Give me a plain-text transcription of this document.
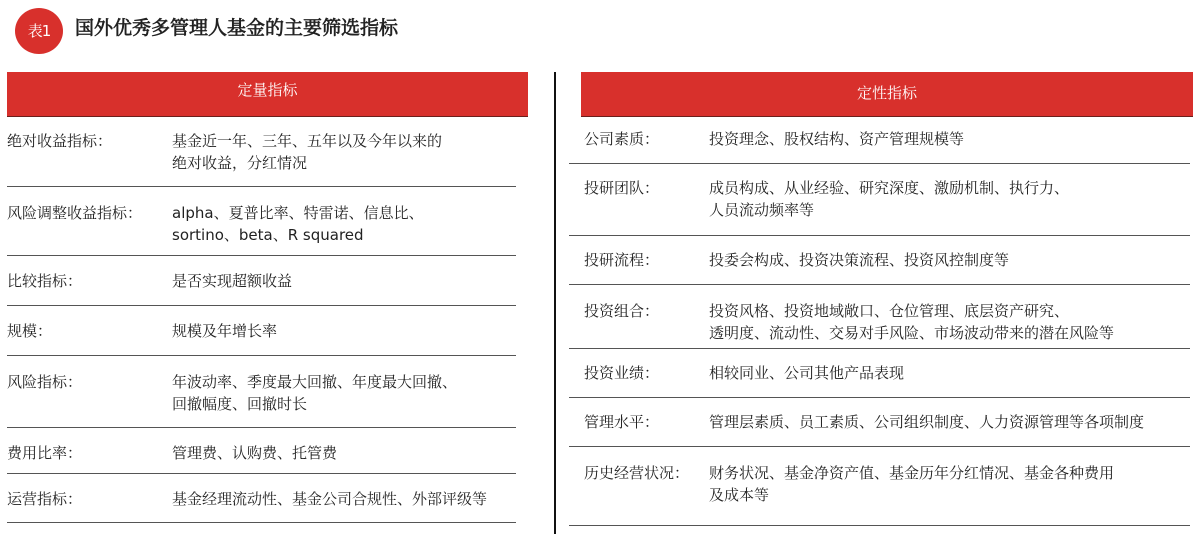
表1	国外优秀多管理人基金的主要筛选指标
定量指标
绝对收益指标：	基金近一年、三年、五年以及今年以来的
绝对收益，分红情况
风险调整收益指标： alpha、夏普比率、特雷诺、信息比、
sortino、beta、R squared
比较指标：	是否实现超额收益
规模：	规模及年增长率
风险指标：	年波动率、季度最大回撤、年度最大回撤、
回撤幅度、回撤时长
费用比率：	管理费、认购费、托管费
运营指标：	基金经理流动性、基金公司合规性、外部评级等
定性指标
公司素质：	投资理念、股权结构、资产管理规模等
投研团队：	成员构成、从业经验、研究深度、激励机制、执行力、
人员流动频率等
投研流程：	投委会构成、投资决策流程、投资风控制度等
投资组合：	投资风格、投资地域敞口、仓位管理、底层资产研究、
透明度、流动性、交易对手风险、市场波动带来的潜在风险等
投资业绩：	相较同业、公司其他产品表现
管理水平：	管理层素质、员工素质、公司组织制度、人力资源管理等各项制度
历史经营状况： 财务状况、基金净资产值、基金历年分红情况、基金各种费用
及成本等
